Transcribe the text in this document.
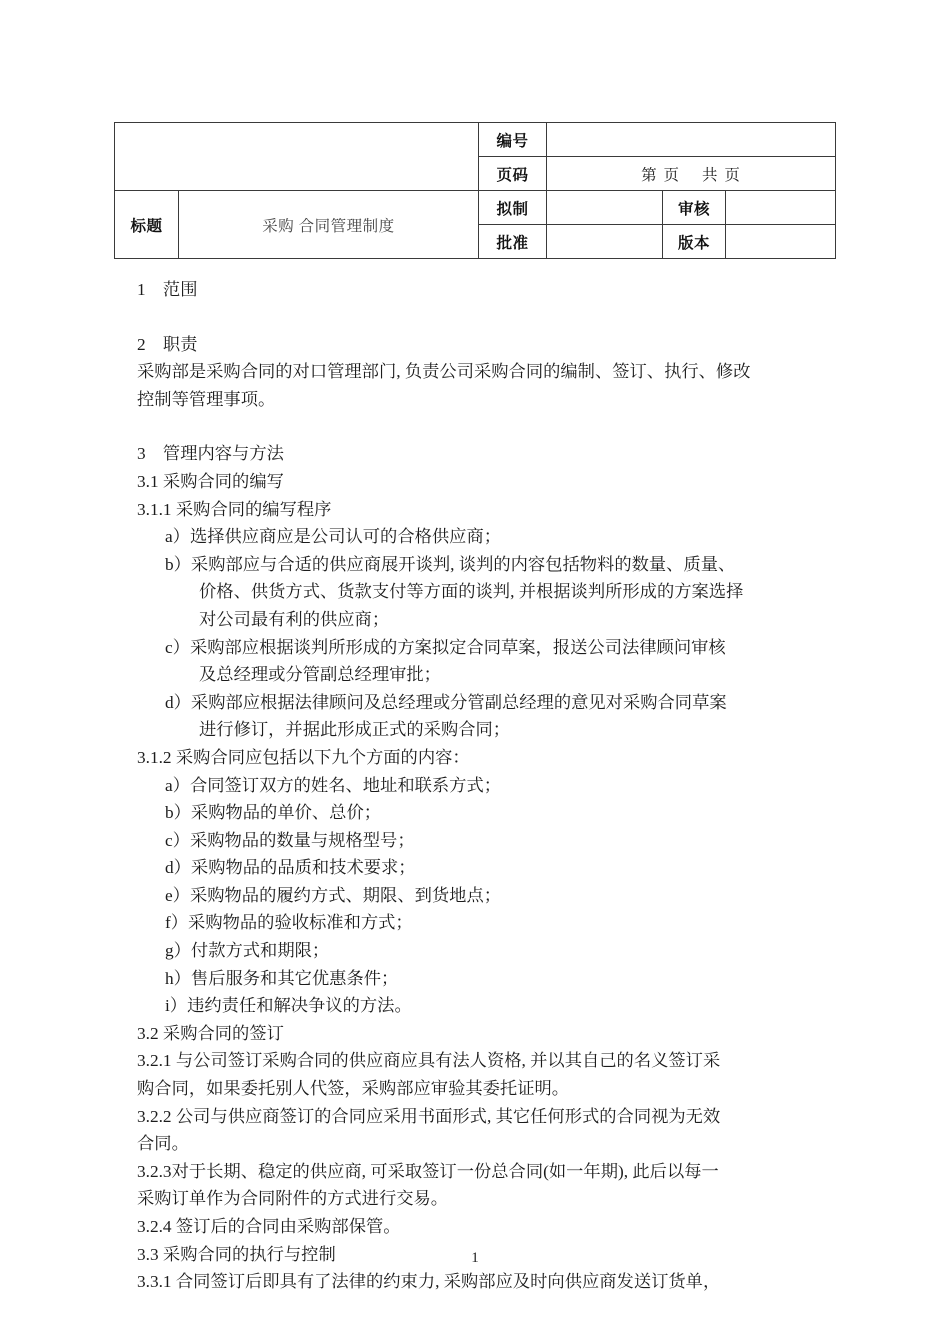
		编号			
		页码	第 页 共 页		
标题	采购 合同管理制度	拟制		审核	
		批准		版本	
1 范围
2 职责
采购部是采购合同的对口管理部门, 负责公司采购合同的编制、签订、执行、修改
控制等管理事项。
3 管理内容与方法
3.1 采购合同的编写
3.1.1 采购合同的编写程序
a）选择供应商应是公司认可的合格供应商；
b）采购部应与合适的供应商展开谈判, 谈判的内容包括物料的数量、质量、
价格、供货方式、货款支付等方面的谈判, 并根据谈判所形成的方案选择
对公司最有利的供应商；
c）采购部应根据谈判所形成的方案拟定合同草案，报送公司法律顾问审核
及总经理或分管副总经理审批；
d）采购部应根据法律顾问及总经理或分管副总经理的意见对采购合同草案
进行修订，并据此形成正式的采购合同；
3.1.2 采购合同应包括以下九个方面的内容：
a）合同签订双方的姓名、地址和联系方式；
b）采购物品的单价、总价；
c）采购物品的数量与规格型号；
d）采购物品的品质和技术要求；
e）采购物品的履约方式、期限、到货地点；
f）采购物品的验收标准和方式；
g）付款方式和期限；
h）售后服务和其它优惠条件；
i）违约责任和解决争议的方法。
3.2 采购合同的签订
3.2.1 与公司签订采购合同的供应商应具有法人资格, 并以其自己的名义签订采
购合同，如果委托别人代签，采购部应审验其委托证明。
3.2.2 公司与供应商签订的合同应采用书面形式, 其它任何形式的合同视为无效
合同。
3.2.3对于长期、稳定的供应商, 可采取签订一份总合同(如一年期), 此后以每一
采购订单作为合同附件的方式进行交易。
3.2.4 签订后的合同由采购部保管。
3.3 采购合同的执行与控制
3.3.1 合同签订后即具有了法律的约束力, 采购部应及时向供应商发送订货单，
1
